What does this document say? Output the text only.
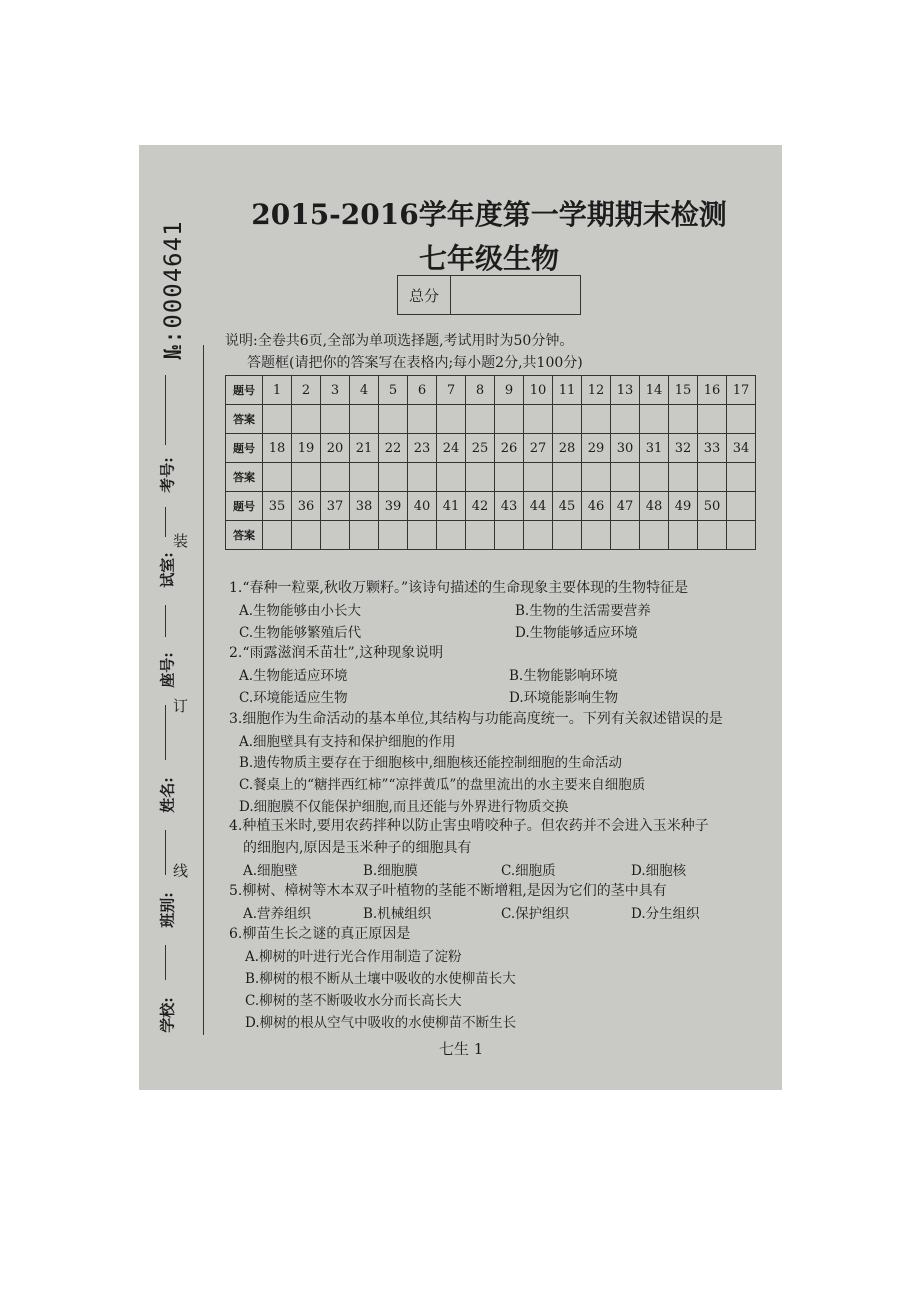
№:0004641
考号:
试室:
座号:
姓名:
班别:
学校:
装
订
线
2015-2016学年度第一学期期末检测
七年级生物
总分
说明:全卷共6页,全部为单项选择题,考试用时为50分钟。
答题框(请把你的答案写在表格内;每小题2分,共100分)
题号	1	2	3	4	5	6	7	8	9	10	11	12	13	14	15	16	17
答案																	
题号	18	19	20	21	22	23	24	25	26	27	28	29	30	31	32	33	34
答案																	
题号	35	36	37	38	39	40	41	42	43	44	45	46	47	48	49	50	
答案																	
1.“春种一粒粟,秋收万颗籽。”该诗句描述的生命现象主要体现的生物特征是
A.生物能够由小长大	B.生物的生活需要营养
C.生物能够繁殖后代	D.生物能够适应环境
2.“雨露滋润禾苗壮”,这种现象说明
A.生物能适应环境	B.生物能影响环境
C.环境能适应生物	D.环境能影响生物
3.细胞作为生命活动的基本单位,其结构与功能高度统一。下列有关叙述错误的是
A.细胞壁具有支持和保护细胞的作用
B.遗传物质主要存在于细胞核中,细胞核还能控制细胞的生命活动
C.餐桌上的“糖拌西红柿”“凉拌黄瓜”的盘里流出的水主要来自细胞质
D.细胞膜不仅能保护细胞,而且还能与外界进行物质交换
4.种植玉米时,要用农药拌种以防止害虫啃咬种子。但农药并不会进入玉米种子
的细胞内,原因是玉米种子的细胞具有
A.细胞壁	B.细胞膜	C.细胞质	D.细胞核
5.柳树、樟树等木本双子叶植物的茎能不断增粗,是因为它们的茎中具有
A.营养组织	B.机械组织	C.保护组织	D.分生组织
6.柳苗生长之谜的真正原因是
A.柳树的叶进行光合作用制造了淀粉
B.柳树的根不断从土壤中吸收的水使柳苗长大
C.柳树的茎不断吸收水分而长高长大
D.柳树的根从空气中吸收的水使柳苗不断生长
七生 1
